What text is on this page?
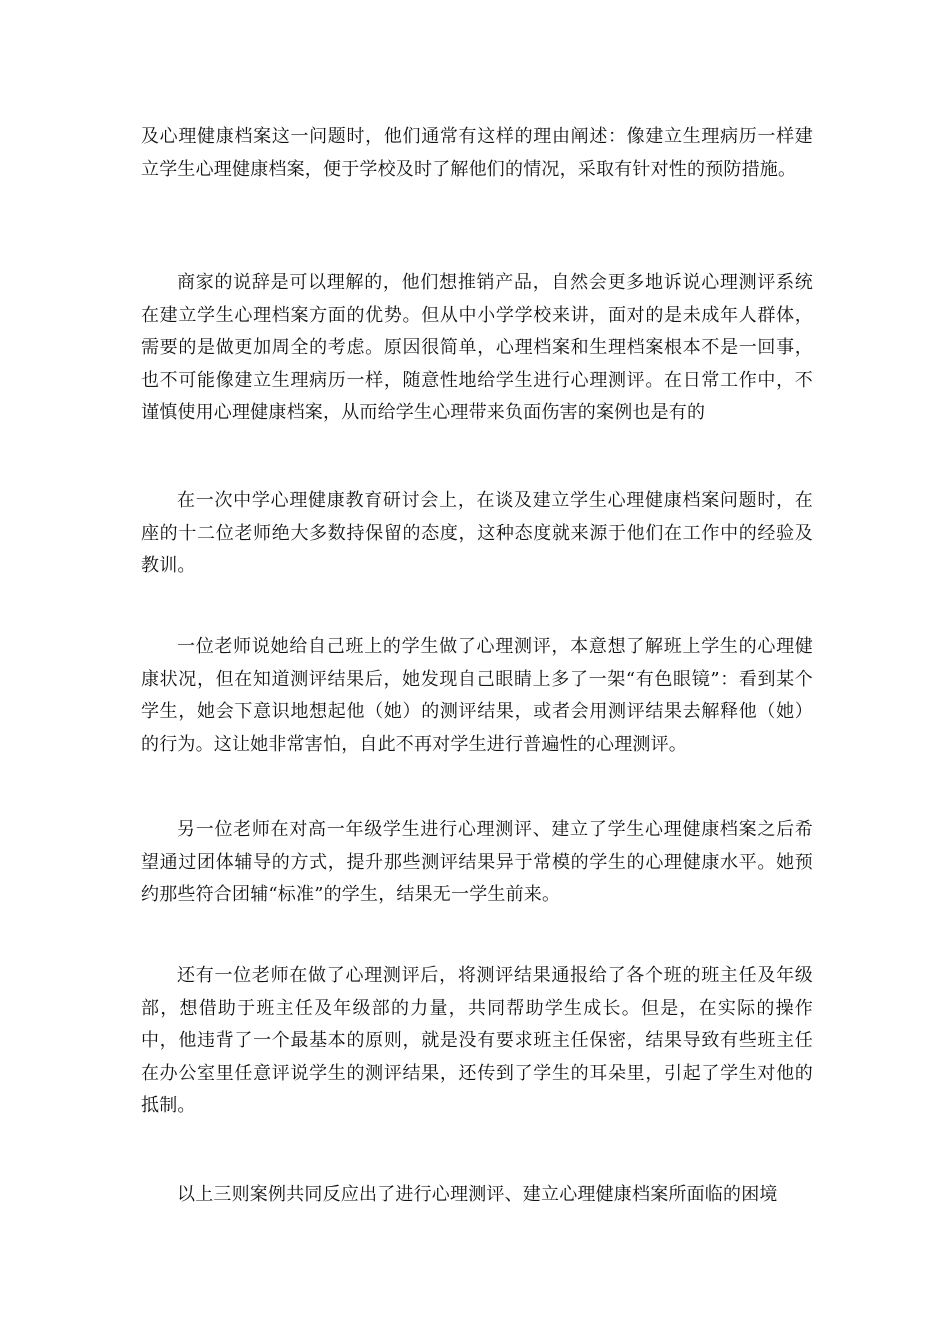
及心理健康档案这一问题时，他们通常有这样的理由阐述：像建立生理病历一样建立学生心理健康档案，便于学校及时了解他们的情况，采取有针对性的预防措施。

商家的说辞是可以理解的，他们想推销产品，自然会更多地诉说心理测评系统在建立学生心理档案方面的优势。但从中小学学校来讲，面对的是未成年人群体，需要的是做更加周全的考虑。原因很简单，心理档案和生理档案根本不是一回事，也不可能像建立生理病历一样，随意性地给学生进行心理测评。在日常工作中，不谨慎使用心理健康档案，从而给学生心理带来负面伤害的案例也是有的

在一次中学心理健康教育研讨会上，在谈及建立学生心理健康档案问题时，在座的十二位老师绝大多数持保留的态度，这种态度就来源于他们在工作中的经验及教训。

一位老师说她给自己班上的学生做了心理测评，本意想了解班上学生的心理健康状况，但在知道测评结果后，她发现自己眼睛上多了一架“有色眼镜”：看到某个学生，她会下意识地想起他（她）的测评结果，或者会用测评结果去解释他（她）的行为。这让她非常害怕，自此不再对学生进行普遍性的心理测评。

另一位老师在对高一年级学生进行心理测评、建立了学生心理健康档案之后希望通过团体辅导的方式，提升那些测评结果异于常模的学生的心理健康水平。她预约那些符合团辅“标准”的学生，结果无一学生前来。

还有一位老师在做了心理测评后，将测评结果通报给了各个班的班主任及年级部，想借助于班主任及年级部的力量，共同帮助学生成长。但是，在实际的操作中，他违背了一个最基本的原则，就是没有要求班主任保密，结果导致有些班主任在办公室里任意评说学生的测评结果，还传到了学生的耳朵里，引起了学生对他的抵制。

以上三则案例共同反应出了进行心理测评、建立心理健康档案所面临的困境
